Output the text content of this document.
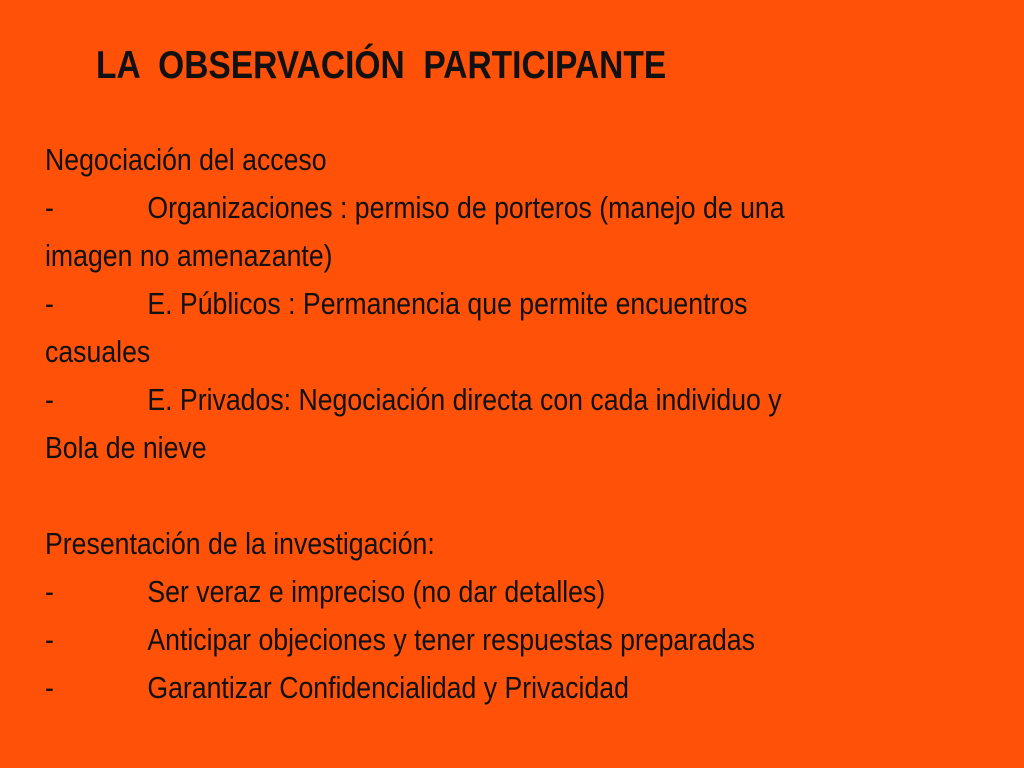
LA  OBSERVACIÓN  PARTICIPANTE
Negociación del acceso
-	Organizaciones : permiso de porteros (manejo de una
imagen no amenazante)
-	E. Públicos : Permanencia que permite encuentros
casuales
-	E. Privados: Negociación directa con cada individuo y
Bola de nieve
Presentación de la investigación:
-	Ser veraz e impreciso (no dar detalles)
-	Anticipar objeciones y tener respuestas preparadas
-	Garantizar Confidencialidad y Privacidad
